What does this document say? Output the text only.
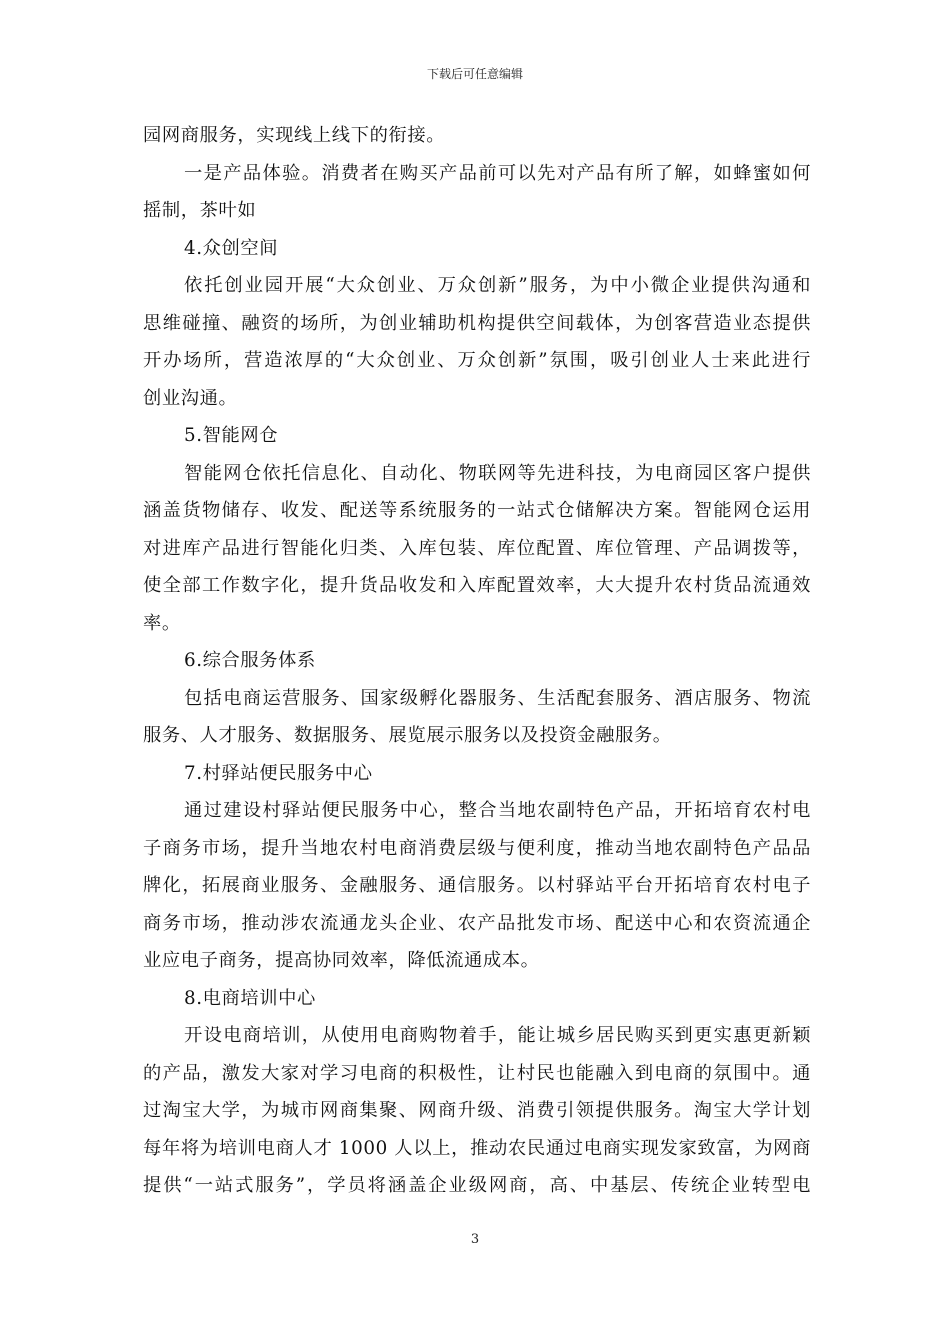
下载后可任意编辑
园网商服务，实现线上线下的衔接。
一是产品体验。消费者在购买产品前可以先对产品有所了解，如蜂蜜如何
摇制，茶叶如
4.众创空间
依托创业园开展“大众创业、万众创新”服务，为中小微企业提供沟通和
思维碰撞、融资的场所，为创业辅助机构提供空间载体，为创客营造业态提供
开办场所，营造浓厚的“大众创业、万众创新”氛围，吸引创业人士来此进行
创业沟通。
5.智能网仓
智能网仓依托信息化、自动化、物联网等先进科技，为电商园区客户提供
涵盖货物储存、收发、配送等系统服务的一站式仓储解决方案。智能网仓运用
对进库产品进行智能化归类、入库包装、库位配置、库位管理、产品调拨等，
使全部工作数字化，提升货品收发和入库配置效率，大大提升农村货品流通效
率。
6.综合服务体系
包括电商运营服务、国家级孵化器服务、生活配套服务、酒店服务、物流
服务、人才服务、数据服务、展览展示服务以及投资金融服务。
7.村驿站便民服务中心
通过建设村驿站便民服务中心，整合当地农副特色产品，开拓培育农村电
子商务市场，提升当地农村电商消费层级与便利度，推动当地农副特色产品品
牌化，拓展商业服务、金融服务、通信服务。以村驿站平台开拓培育农村电子
商务市场，推动涉农流通龙头企业、农产品批发市场、配送中心和农资流通企
业应电子商务，提高协同效率，降低流通成本。
8.电商培训中心
开设电商培训，从使用电商购物着手，能让城乡居民购买到更实惠更新颖
的产品，激发大家对学习电商的积极性，让村民也能融入到电商的氛围中。通
过淘宝大学，为城市网商集聚、网商升级、消费引领提供服务。淘宝大学计划
每年将为培训电商人才 1000 人以上，推动农民通过电商实现发家致富，为网商
提供“一站式服务”，学员将涵盖企业级网商，高、中基层、传统企业转型电
3
